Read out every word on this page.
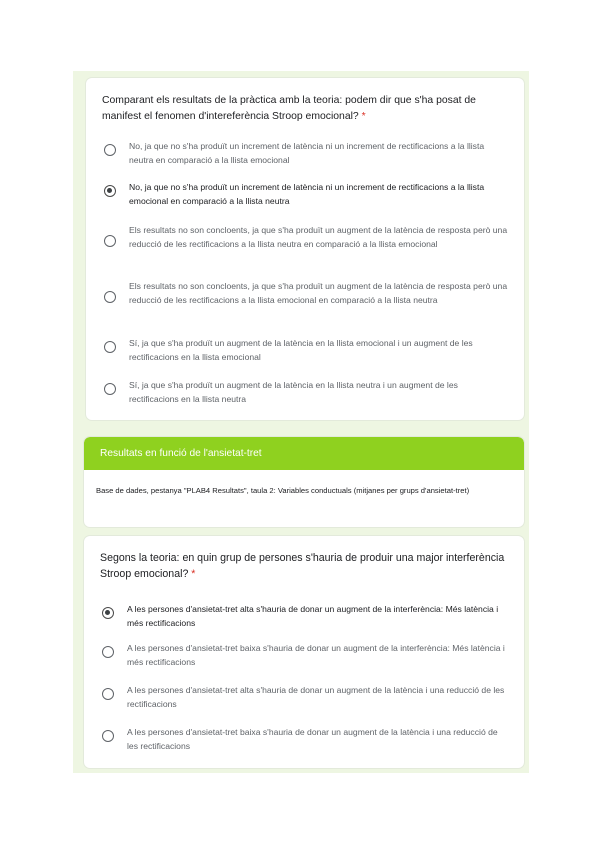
Comparant els resultats de la pràctica amb la teoria: podem dir que s'ha posat de manifest el fenomen d'intereferència Stroop emocional? *
No, ja que no s'ha produït un increment de latència ni un increment de rectificacions a la llista neutra en comparació a la llista emocional
No, ja que no s'ha produït un increment de latència ni un increment de rectificacions a la llista emocional en comparació a la llista neutra
Els resultats no son concloents, ja que s'ha produït un augment de la latència de resposta però una reducció de les rectificacions a la llista neutra en comparació a la llista emocional
Els resultats no son concloents, ja que s'ha produït un augment de la latència de resposta però una reducció de les rectificacions a la llista emocional en comparació a la llista neutra
Sí, ja que s'ha produït un augment de la latència en la llista emocional i un augment de les rectificacions en la llista emocional
Sí, ja que s'ha produït un augment de la latència en la llista neutra i un augment de les rectificacions en la llista neutra
Resultats en funció de l'ansietat-tret
Base de dades, pestanya "PLAB4 Resultats", taula 2: Variables conductuals (mitjanes per grups d'ansietat-tret)
Segons la teoria: en quin grup de persones s'hauria de produir una major interferència Stroop emocional? *
A les persones d'ansietat-tret alta s'hauria de donar un augment de la interferència: Més latència i més rectificacions
A les persones d'ansietat-tret baixa s'hauria de donar un augment de la interferència: Més latència i més rectificacions
A les persones d'ansietat-tret alta s'hauria de donar un augment de la latència i una reducció de les rectificacions
A les persones d'ansietat-tret baixa s'hauria de donar un augment de la latència i una reducció de les rectificacions
